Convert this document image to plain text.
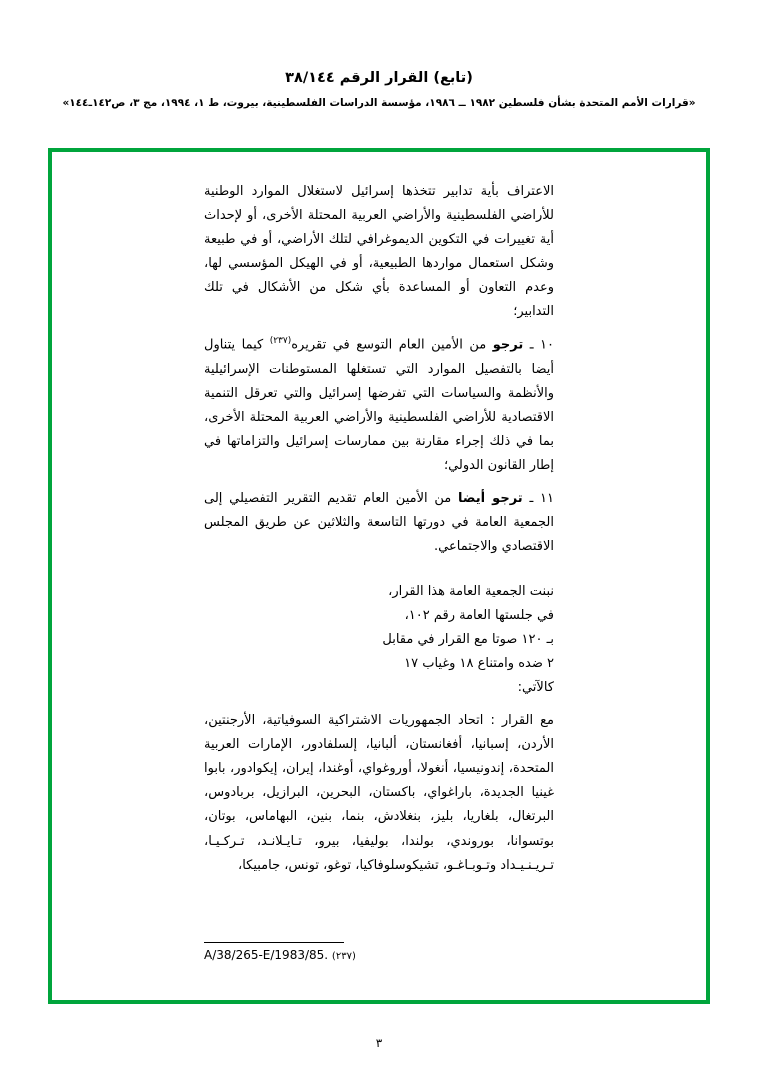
(تابع) القرار الرقم ٣٨/١٤٤
«قرارات الأمم المتحدة بشأن فلسطين ١٩٨٢ ــ ١٩٨٦، مؤسسة الدراسات الفلسطينية، بيروت، ط ١، ١٩٩٤، مج ٣، ص١٤٢ـ١٤٤»

الاعتراف بأية تدابير تتخذها إسرائيل لاستغلال الموارد الوطنية للأراضي الفلسطينية والأراضي العربية المحتلة الأخرى، أو لإحداث أية تغييرات في التكوين الديموغرافي لتلك الأراضي، أو في طبيعة وشكل استعمال مواردها الطبيعية، أو في الهيكل المؤسسي لها، وعدم التعاون أو المساعدة بأي شكل من الأشكال في تلك التدابير؛

١٠ ـ ترجو من الأمين العام التوسع في تقريره$^{(٢٣٧)}$ كيما يتناول أيضا بالتفصيل الموارد التي تستغلها المستوطنات الإسرائيلية والأنظمة والسياسات التي تفرضها إسرائيل والتي تعرقل التنمية الاقتصادية للأراضي الفلسطينية والأراضي العربية المحتلة الأخرى، بما في ذلك إجراء مقارنة بين ممارسات إسرائيل والتزاماتها في إطار القانون الدولي؛

١١ ـ ترجو أيضا من الأمين العام تقديم التقرير التفصيلي إلى الجمعية العامة في دورتها التاسعة والثلاثين عن طريق المجلس الاقتصادي والاجتماعي.

نبنت الجمعية العامة هذا القرار،
في جلستها العامة رقم ١٠٢،
بـ ١٢٠ صوتا مع القرار في مقابل
٢ ضده وامتناع ١٨ وغياب ١٧
كالآتي:
مع القرار : اتحاد الجمهوريات الاشتراكية السوفياتية، الأرجنتين، الأردن، إسبانيا، أفغانستان، ألبانيا، إلسلفادور، الإمارات العربية المتحدة، إندونيسيا، أنغولا، أوروغواي، أوغندا، إيران، إيكوادور، بابوا غينيا الجديدة، باراغواي، باكستان، البحرين، البرازيل، بربادوس، البرتغال، بلغاريا، بليز، بنغلادش، بنما، بنين، البهاماس، بوتان، بوتسوانا، بوروندي، بولندا، بوليفيا، بيرو، تـايـلانـد، تـركـيـا، تـريـنـيـداد وتـوبـاغـو، تشيكوسلوفاكيا، توغو، تونس، جامبيكا،
A/38/265-E/1983/85. (٢٣٧)
٣
